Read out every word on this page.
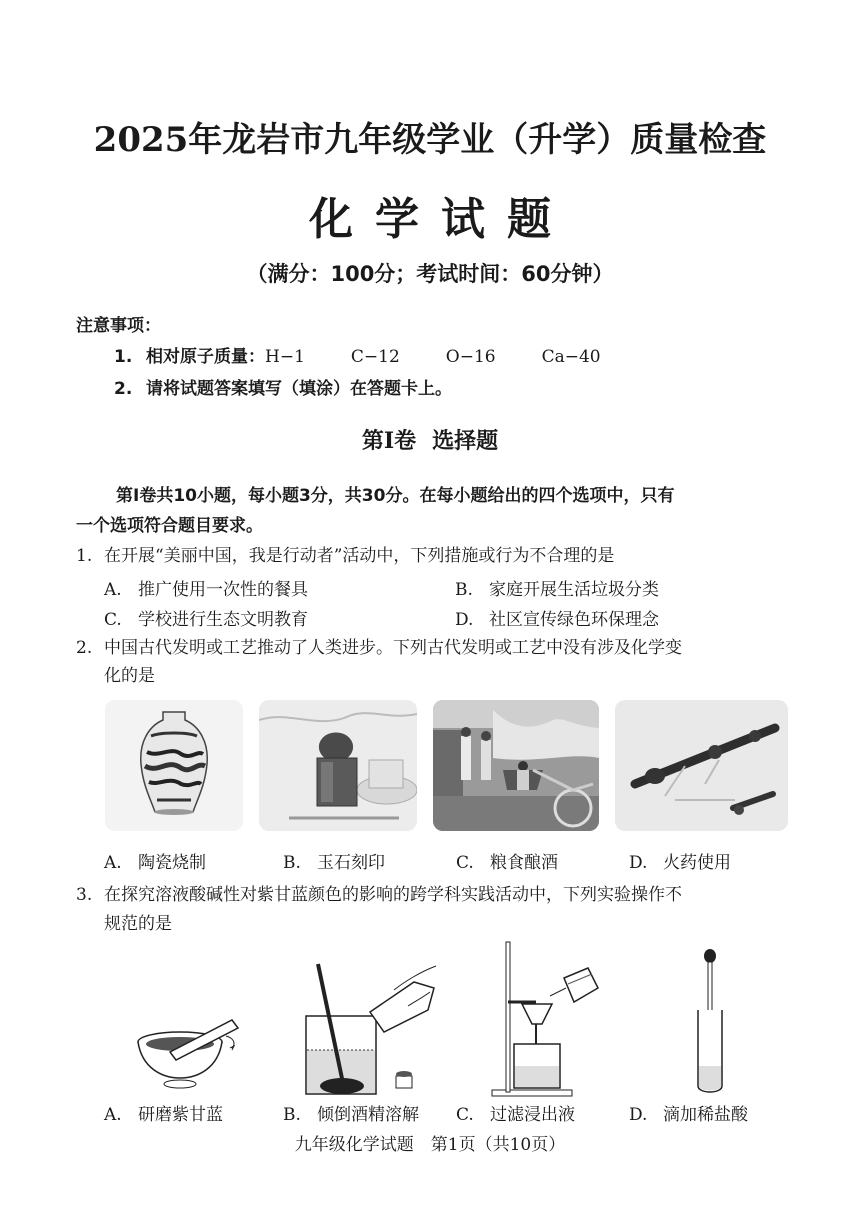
2025年龙岩市九年级学业（升学）质量检查
化学试题
（满分：100分；考试时间：60分钟）
注意事项：
1. 相对原子质量：H−1	C−12	O−16	Ca−40
2. 请将试题答案填写（填涂）在答题卡上。
第Ⅰ卷 选择题
第Ⅰ卷共10小题，每小题3分，共30分。在每小题给出的四个选项中，只有
一个选项符合题目要求。
1. 在开展“美丽中国，我是行动者”活动中，下列措施或行为不合理的是
A. 推广使用一次性的餐具	B. 家庭开展生活垃圾分类
C. 学校进行生态文明教育	D. 社区宣传绿色环保理念
2. 中国古代发明或工艺推动了人类进步。下列古代发明或工艺中没有涉及化学变
化的是
A. 陶瓷烧制	B. 玉石刻印	C. 粮食酿酒	D. 火药使用
3. 在探究溶液酸碱性对紫甘蓝颜色的影响的跨学科实践活动中，下列实验操作不
规范的是
A. 研磨紫甘蓝	B. 倾倒酒精溶解 C. 过滤浸出液	D. 滴加稀盐酸
九年级化学试题　第1页（共10页）
